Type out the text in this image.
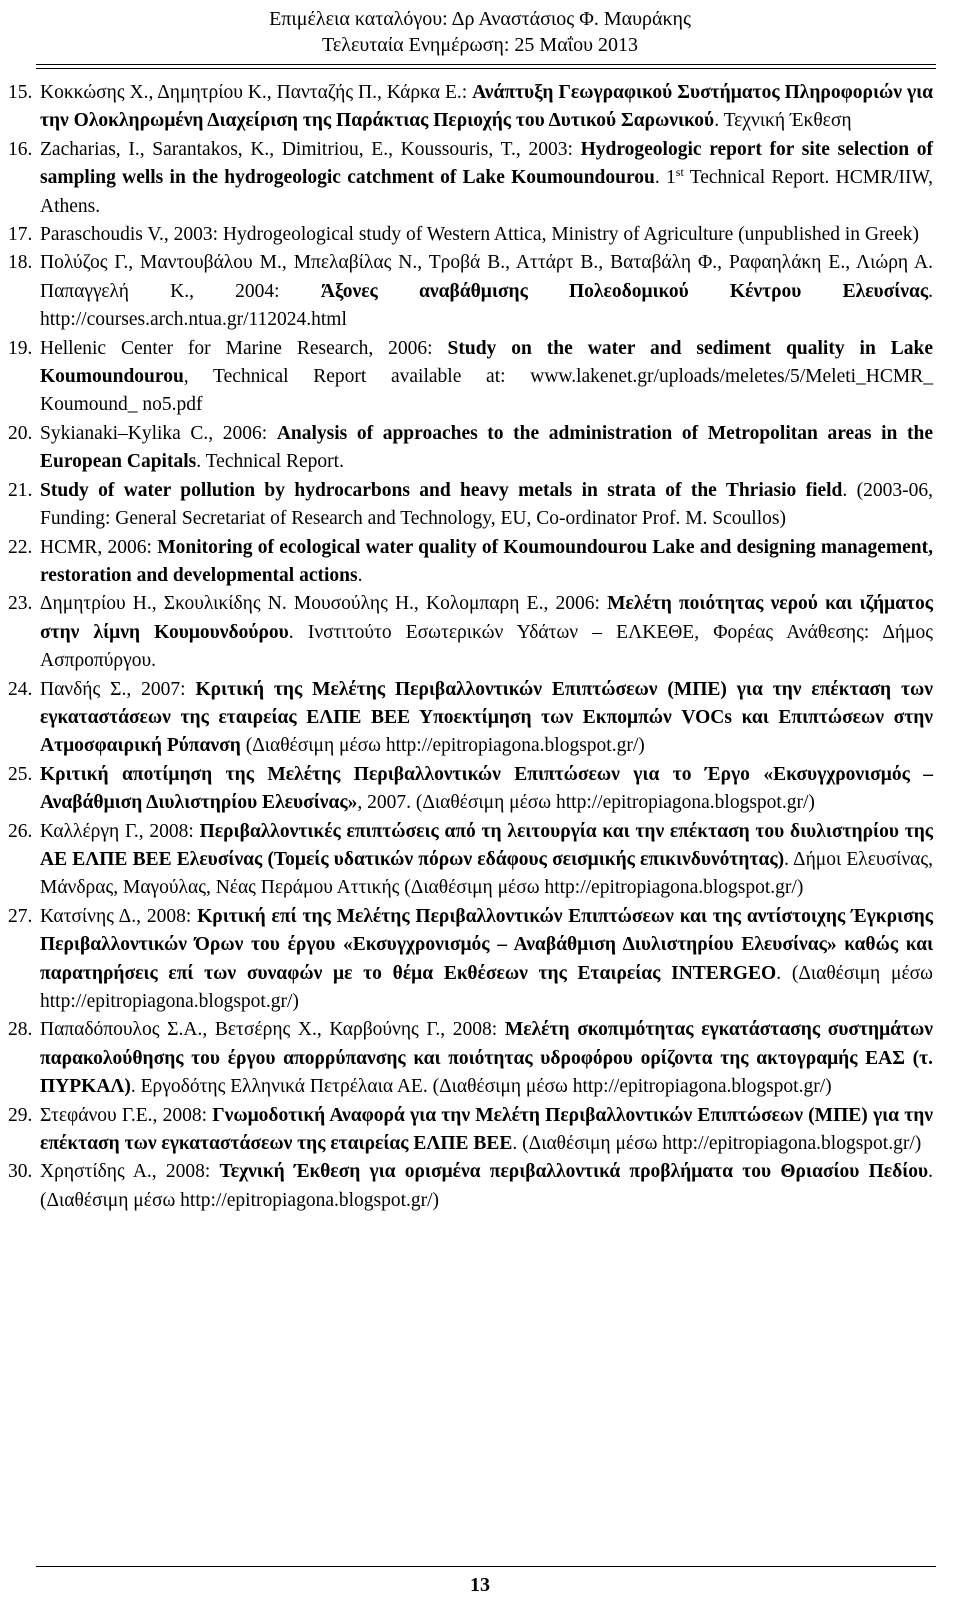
Επιμέλεια καταλόγου: Δρ Αναστάσιος Φ. Μαυράκης
Τελευταία Ενημέρωση: 25 Μαΐου 2013
15. Κοκκώσης Χ., Δημητρίου Κ., Πανταζής Π., Κάρκα Ε.: Ανάπτυξη Γεωγραφικού Συστήματος Πληροφοριών για την Ολοκληρωμένη Διαχείριση της Παράκτιας Περιοχής του Δυτικού Σαρωνικού. Τεχνική Έκθεση
16. Zacharias, I., Sarantakos, K., Dimitriou, E., Koussouris, T., 2003: Hydrogeologic report for site selection of sampling wells in the hydrogeologic catchment of Lake Koumoundourou. 1st Technical Report. HCMR/IIW, Athens.
17. Paraschoudis V., 2003: Hydrogeological study of Western Attica, Ministry of Agriculture (unpublished in Greek)
18. Πολύζος Γ., Μαντουβάλου Μ., Μπελαβίλας Ν., Τροβά Β., Αττάρτ Β., Βαταβάλη Φ., Ραφαηλάκη Ε., Λιώρη Α. Παπαγγελή Κ., 2004: Άξονες αναβάθμισης Πολεοδομικού Κέντρου Ελευσίνας. http://courses.arch.ntua.gr/112024.html
19. Hellenic Center for Marine Research, 2006: Study on the water and sediment quality in Lake Koumoundourou, Technical Report available at: www.lakenet.gr/uploads/meletes/5/Meleti_HCMR_ Koumound_ no5.pdf
20. Sykianaki–Kylika C., 2006: Analysis of approaches to the administration of Metropolitan areas in the European Capitals. Technical Report.
21. Study of water pollution by hydrocarbons and heavy metals in strata of the Thriasio field. (2003-06, Funding: General Secretariat of Research and Technology, EU, Co-ordinator Prof. M. Scoullos)
22. HCMR, 2006: Monitoring of ecological water quality of Koumoundourou Lake and designing management, restoration and developmental actions.
23. Δημητρίου Η., Σκουλικίδης Ν. Μουσούλης Η., Κολομπαρη Ε., 2006: Μελέτη ποιότητας νερού και ιζήματος στην λίμνη Κουμουνδούρου. Ινστιτούτο Εσωτερικών Υδάτων – ΕΛΚΕΘΕ, Φορέας Ανάθεσης: Δήμος Ασπροπύργου.
24. Πανδής Σ., 2007: Κριτική της Μελέτης Περιβαλλοντικών Επιπτώσεων (ΜΠΕ) για την επέκταση των εγκαταστάσεων της εταιρείας ΕΛΠΕ ΒΕΕ Υποεκτίμηση των Εκπομπών VOCs και Επιπτώσεων στην Ατμοσφαιρική Ρύπανση (Διαθέσιμη μέσω http://epitropiagona.blogspot.gr/)
25. Κριτική αποτίμηση της Μελέτης Περιβαλλοντικών Επιπτώσεων για το Έργο «Εκσυγχρονισμός – Αναβάθμιση Διυλιστηρίου Ελευσίνας», 2007. (Διαθέσιμη μέσω http://epitropiagona.blogspot.gr/)
26. Καλλέργη Γ., 2008: Περιβαλλοντικές επιπτώσεις από τη λειτουργία και την επέκταση του διυλιστηρίου της ΑΕ ΕΛΠΕ ΒΕΕ Ελευσίνας (Τομείς υδατικών πόρων εδάφους σεισμικής επικινδυνότητας). Δήμοι Ελευσίνας, Μάνδρας, Μαγούλας, Νέας Περάμου Αττικής (Διαθέσιμη μέσω http://epitropiagona.blogspot.gr/)
27. Κατσίνης Δ., 2008: Κριτική επί της Μελέτης Περιβαλλοντικών Επιπτώσεων και της αντίστοιχης Έγκρισης Περιβαλλοντικών Όρων του έργου «Εκσυγχρονισμός – Αναβάθμιση Διυλιστηρίου Ελευσίνας» καθώς και παρατηρήσεις επί των συναφών με το θέμα Εκθέσεων της Εταιρείας INTERGEO. (Διαθέσιμη μέσω http://epitropiagona.blogspot.gr/)
28. Παπαδόπουλος Σ.Α., Βετσέρης Χ., Καρβούνης Γ., 2008: Μελέτη σκοπιμότητας εγκατάστασης συστημάτων παρακολούθησης του έργου απορρύπανσης και ποιότητας υδροφόρου ορίζοντα της ακτογραμής ΕΑΣ (τ. ΠΥΡΚΑΛ). Εργοδότης Ελληνικά Πετρέλαια ΑΕ. (Διαθέσιμη μέσω http://epitropiagona.blogspot.gr/)
29. Στεφάνου Γ.Ε., 2008: Γνωμοδοτική Αναφορά για την Μελέτη Περιβαλλοντικών Επιπτώσεων (ΜΠΕ) για την επέκταση των εγκαταστάσεων της εταιρείας ΕΛΠΕ ΒΕΕ. (Διαθέσιμη μέσω http://epitropiagona.blogspot.gr/)
30. Χρηστίδης Α., 2008: Τεχνική Έκθεση για ορισμένα περιβαλλοντικά προβλήματα του Θριασίου Πεδίου. (Διαθέσιμη μέσω http://epitropiagona.blogspot.gr/)
13
